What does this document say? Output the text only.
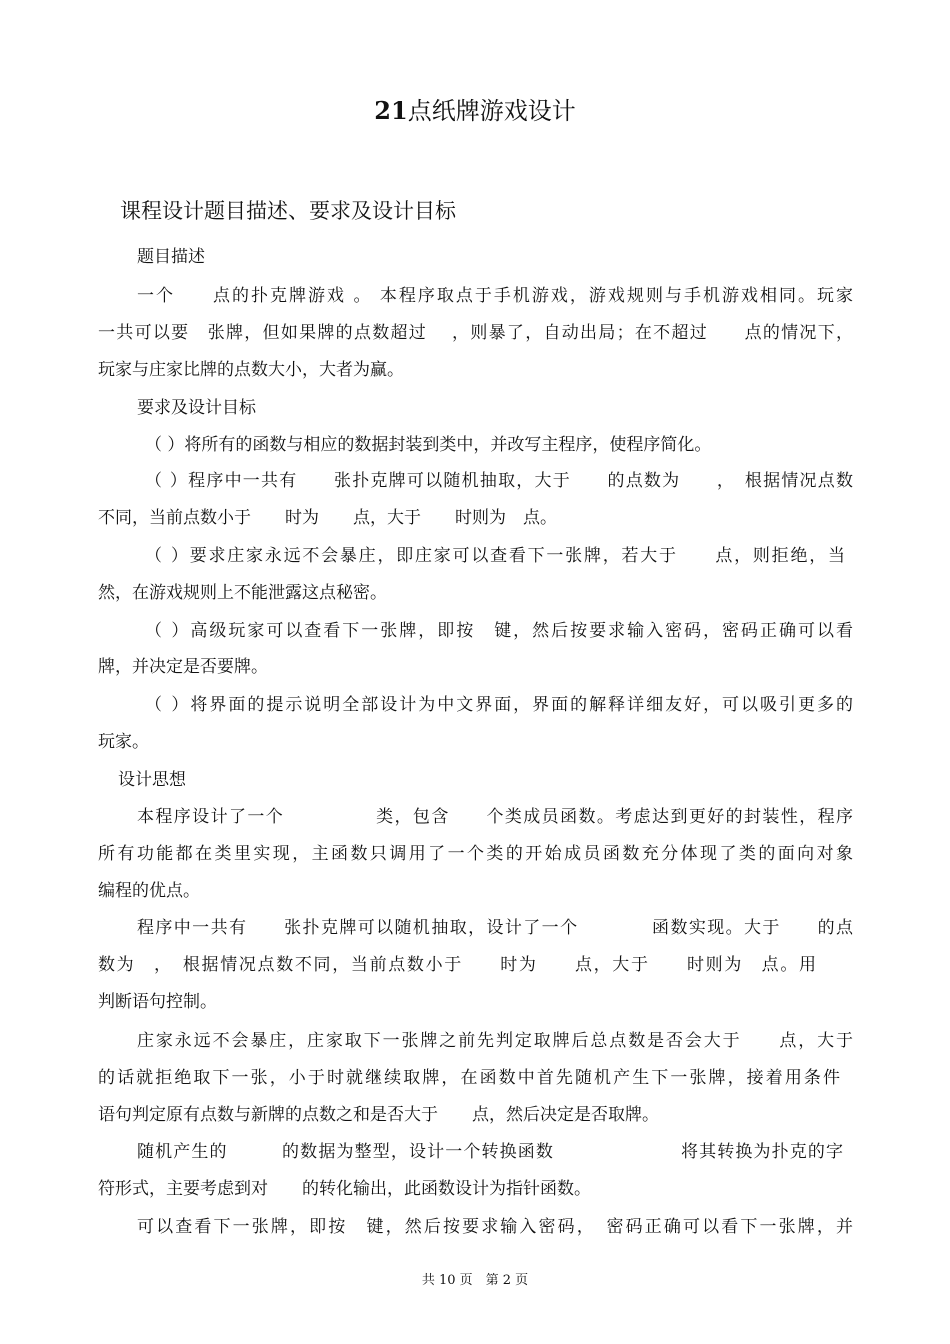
21点纸牌游戏设计
课程设计题目描述、要求及设计目标
题目描述
一个　　点的扑克牌游戏 。 本程序取点于手机游戏，游戏规则与手机游戏相同。玩家
一共可以要　张牌，但如果牌的点数超过　 ，则暴了，自动出局；在不超过　　点的情况下，
玩家与庄家比牌的点数大小，大者为赢。
要求及设计目标
（ ）将所有的函数与相应的数据封装到类中，并改写主程序，使程序简化。
（ ）程序中一共有　　张扑克牌可以随机抽取，大于　　的点数为　　，　根据情况点数
不同，当前点数小于　　时为　　点，大于　　时则为　点。
（ ）要求庄家永远不会暴庄，即庄家可以查看下一张牌，若大于　　点，则拒绝，当
然，在游戏规则上不能泄露这点秘密。
（ ）高级玩家可以查看下一张牌，即按　键，然后按要求输入密码，密码正确可以看
牌，并决定是否要牌。
（ ）将界面的提示说明全部设计为中文界面，界面的解释详细友好，可以吸引更多的
玩家。
设计思想
本程序设计了一个　　　　　类，包含　　个类成员函数。考虑达到更好的封装性，程序
所有功能都在类里实现，主函数只调用了一个类的开始成员函数充分体现了类的面向对象
编程的优点。
程序中一共有　　张扑克牌可以随机抽取，设计了一个　　　　函数实现。大于　　的点
数为　，　根据情况点数不同，当前点数小于　　时为　　点，大于　　时则为　点。用
判断语句控制。
庄家永远不会暴庄，庄家取下一张牌之前先判定取牌后总点数是否会大于　　点，大于
的话就拒绝取下一张，小于时就继续取牌，在函数中首先随机产生下一张牌，接着用条件
语句判定原有点数与新牌的点数之和是否大于　　点，然后决定是否取牌。
随机产生的　　　的数据为整型，设计一个转换函数　　　　　　　将其转换为扑克的字
符形式，主要考虑到对　　的转化输出，此函数设计为指针函数。
可以查看下一张牌，即按　键，然后按要求输入密码，　密码正确可以看下一张牌，并
共 10 页　第 2 页
